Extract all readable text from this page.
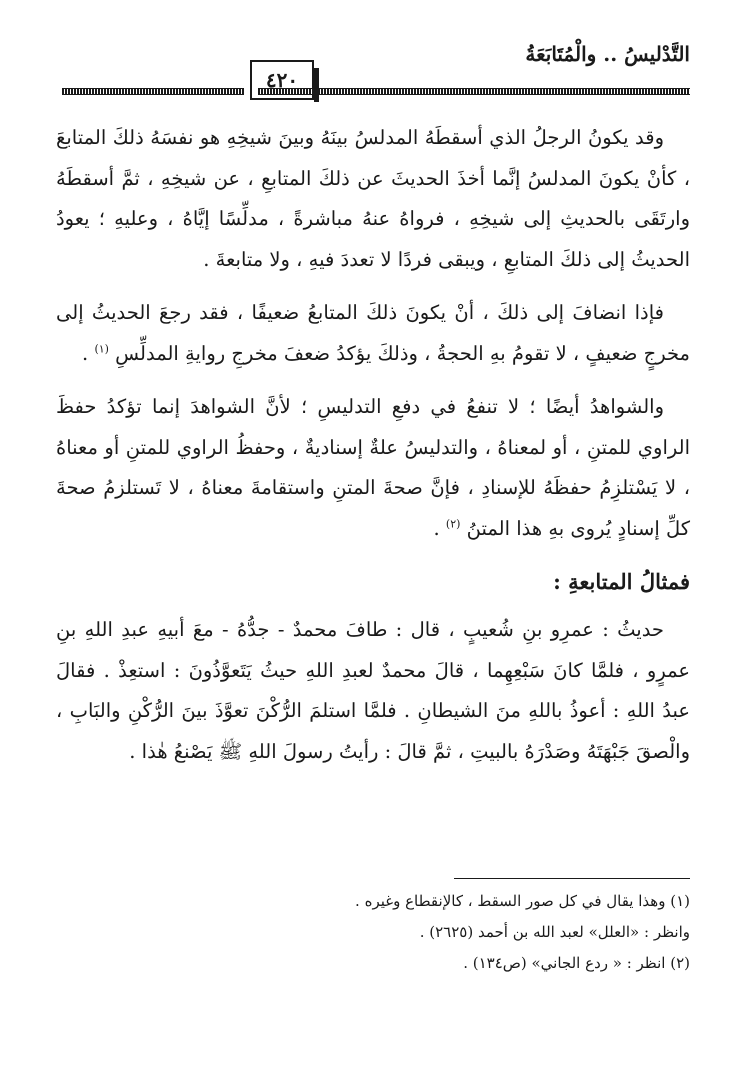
التَّدْليسُ .. والْمُتَابَعَةُ
٤٢٠

وقد يكونُ الرجلُ الذي أسقطَهُ المدلسُ بينَهُ وبينَ شيخِهِ هو نفسَهُ ذلكَ المتابعَ ، كأنْ يكونَ المدلسُ إنَّما أخذَ الحديثَ عن ذلكَ المتابعِ ، عن شيخِهِ ، ثمَّ أسقطَهُ وارتَقَى بالحديثِ إلى شيخِهِ ، فرواهُ عنهُ مباشرةً ، مدلِّسًا إيَّاهُ ، وعليهِ ؛ يعودُ الحديثُ إلى ذلكَ المتابعِ ، ويبقى فردًا لا تعددَ فيهِ ، ولا متابعةَ .

فإذا انضافَ إلى ذلكَ ، أنْ يكونَ ذلكَ المتابعُ ضعيفًا ، فقد رجعَ الحديثُ إلى مخرجٍ ضعيفٍ ، لا تقومُ بهِ الحجةُ ، وذلكَ يؤكدُ ضعفَ مخرجِ روايةِ المدلِّسِ $^{(١)}$ .

والشواهدُ أيضًا ؛ لا تنفعُ في دفعِ التدليسِ ؛ لأنَّ الشواهدَ إنما تؤكدُ حفظَ الراوي للمتنِ ، أو لمعناهُ ، والتدليسُ علةٌ إسناديةٌ ، وحفظُ الراوي للمتنِ أو معناهُ ، لا يَسْتلزِمُ حفظَهُ للإسنادِ ، فإنَّ صحةَ المتنِ واستقامةَ معناهُ ، لا تَستلزمُ صحةَ كلِّ إسنادٍ يُروى بهِ هذا المتنُ $^{(٢)}$ .

فمثالُ المتابعةِ :

حديثُ : عمرِو بنِ شُعيبٍ ، قال : طافَ محمدٌ - جدُّهُ - معَ أبيهِ عبدِ اللهِ بنِ عمرٍو ، فلمَّا كانَ سَبْعِهِما ، قالَ محمدٌ لعبدِ اللهِ حيثُ يَتَعوَّذُونَ : استعِذْ . فقالَ عبدُ اللهِ : أعوذُ باللهِ منَ الشيطانِ . فلمَّا استلمَ الرُّكْنَ تعوَّذَ بينَ الرُّكْنِ والبَابِ ، والْصقَ جَبْهَتَهُ وصَدْرَهُ بالبيتِ ، ثمَّ قالَ : رأيتُ رسولَ اللهِ ﷺ يَصْنعُ هٰذا .

(١) وهذا يقال في كل صور السقط ، كالإنقطاع وغيره .
وانظر : «العلل» لعبد الله بن أحمد (٢٦٢٥) .
(٢) انظر : « ردع الجاني» (ص١٣٤) .
